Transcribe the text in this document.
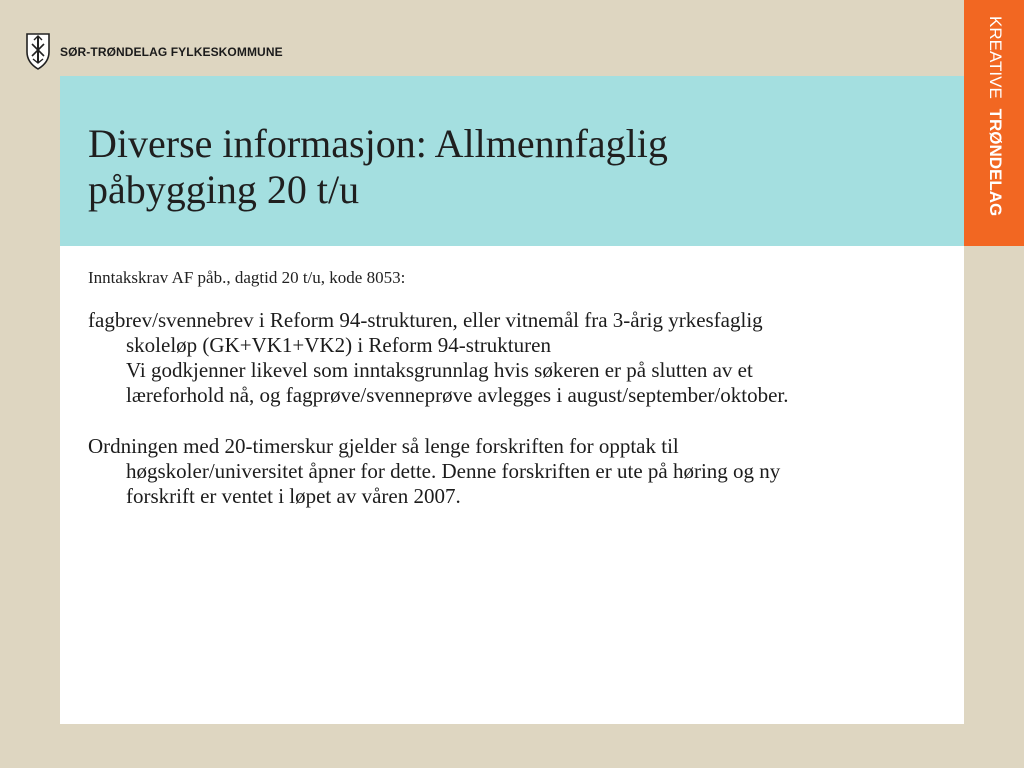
SØR-TRØNDELAG FYLKESKOMMUNE
Diverse informasjon: Allmennfaglig
påbygging 20 t/u

Inntakskrav AF påb., dagtid 20 t/u, kode 8053:

fagbrev/svennebrev i Reform 94-strukturen, eller vitnemål fra 3-årig yrkesfaglig
skoleløp (GK+VK1+VK2) i Reform 94-strukturen
Vi godkjenner likevel som inntaksgrunnlag hvis søkeren er på slutten av et
læreforhold nå, og fagprøve/svenneprøve avlegges i august/september/oktober.

Ordningen med 20-timerskur gjelder så lenge forskriften for opptak til
høgskoler/universitet åpner for dette. Denne forskriften er ute på høring og ny
forskrift er ventet i løpet av våren 2007.

KREATIVE TRØNDELAG
